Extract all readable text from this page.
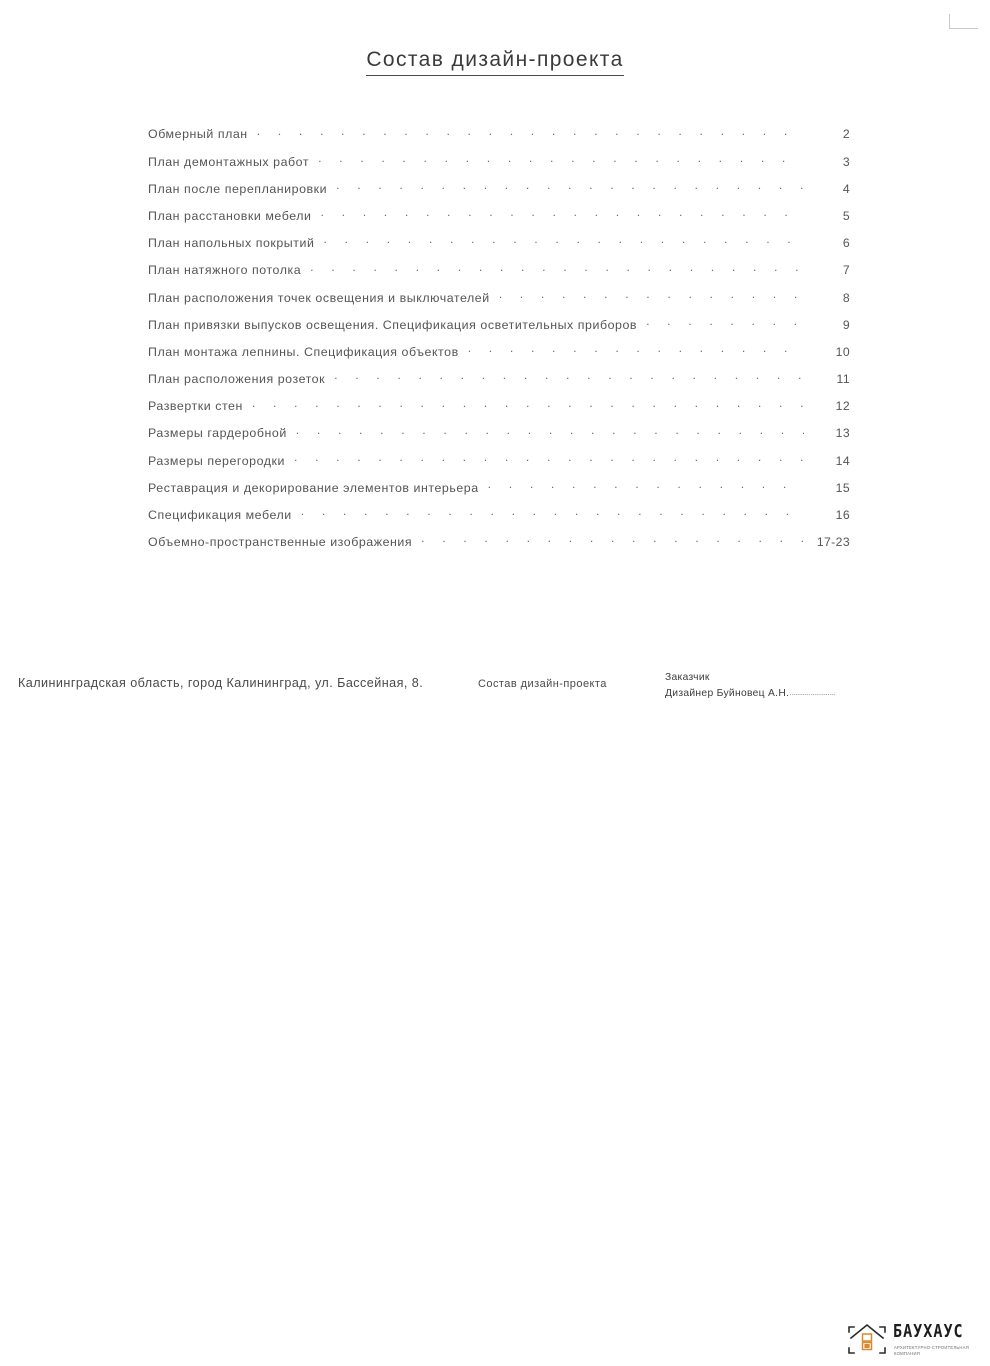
Состав дизайн-проекта
Обмерный план . . .	2
План демонтажных работ . . .	3
План после перепланировки . . .	4
План расстановки мебели . . .	5
План напольных покрытий . . .	6
План натяжного потолка . . .	7
План расположения точек освещения и выключателей . . .	8
План привязки выпусков освещения. Спецификация осветительных приборов . . .	9
План монтажа лепнины. Спецификация объектов . . .	10
План расположения розеток . . .	11
Развертки стен . . .	12
Размеры гардеробной . . .	13
Размеры перегородки . . .	14
Реставрация и декорирование элементов интерьера . . .	15
Спецификация мебели . . .	16
Объемно-пространственные изображения . . .	17-23
Калининградская область, город Калининград, ул. Бассейная, 8.	Состав дизайн-проекта
Заказчик
Дизайнер Буйновец А.Н.........................
БАУХАУС
АРХИТЕКТУРНО-СТРОИТЕЛЬНАЯ КОМПАНИЯ
